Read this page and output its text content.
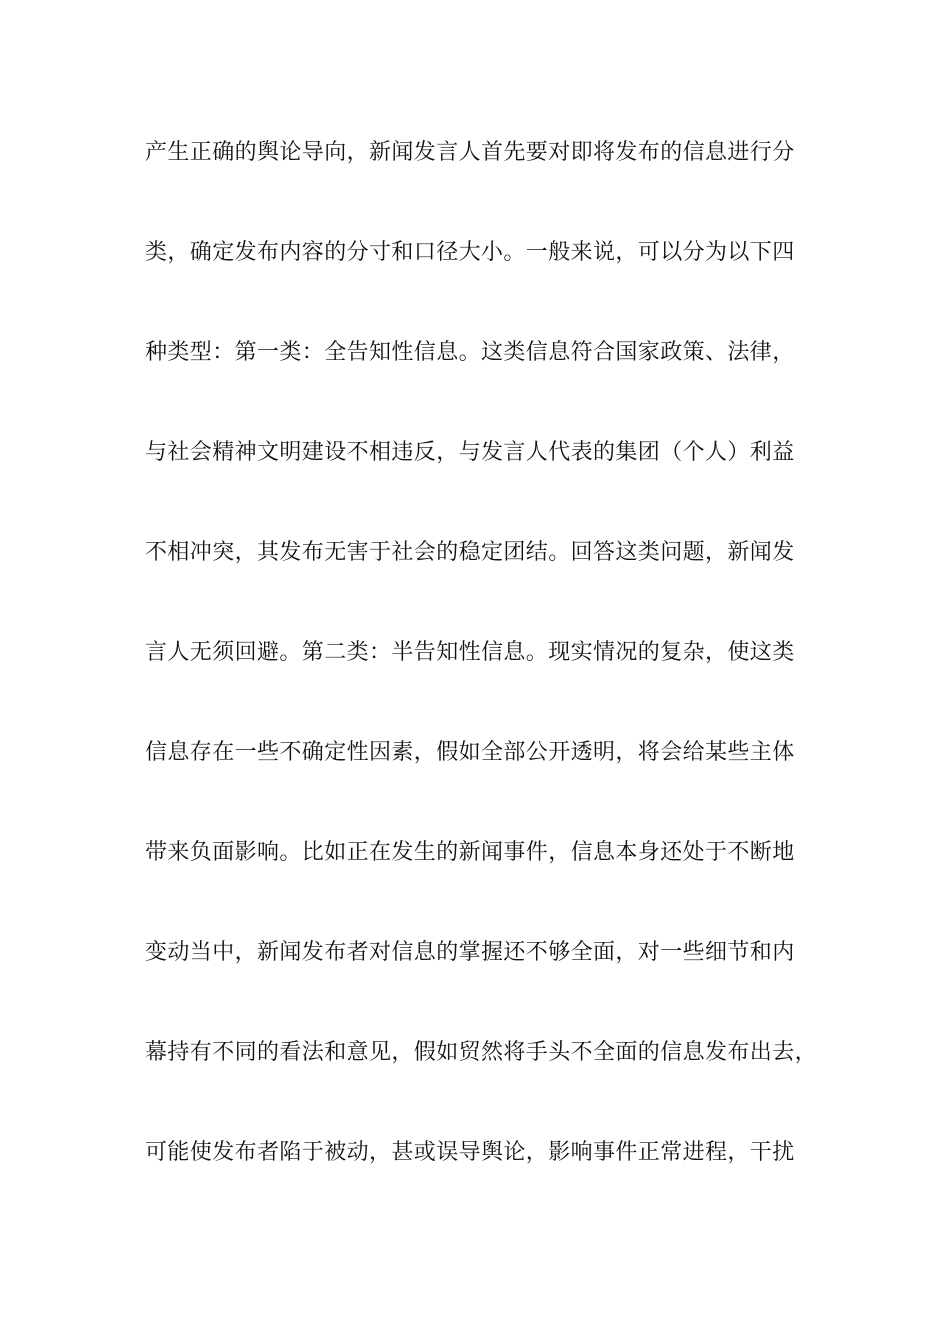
产生正确的舆论导向，新闻发言人首先要对即将发布的信息进行分
类，确定发布内容的分寸和口径大小。一般来说，可以分为以下四
种类型：第一类：全告知性信息。这类信息符合国家政策、法律，
与社会精神文明建设不相违反，与发言人代表的集团（个人）利益
不相冲突，其发布无害于社会的稳定团结。回答这类问题，新闻发
言人无须回避。第二类：半告知性信息。现实情况的复杂，使这类
信息存在一些不确定性因素，假如全部公开透明，将会给某些主体
带来负面影响。比如正在发生的新闻事件，信息本身还处于不断地
变动当中，新闻发布者对信息的掌握还不够全面，对一些细节和内
幕持有不同的看法和意见，假如贸然将手头不全面的信息发布出去，
可能使发布者陷于被动，甚或误导舆论，影响事件正常进程，干扰
